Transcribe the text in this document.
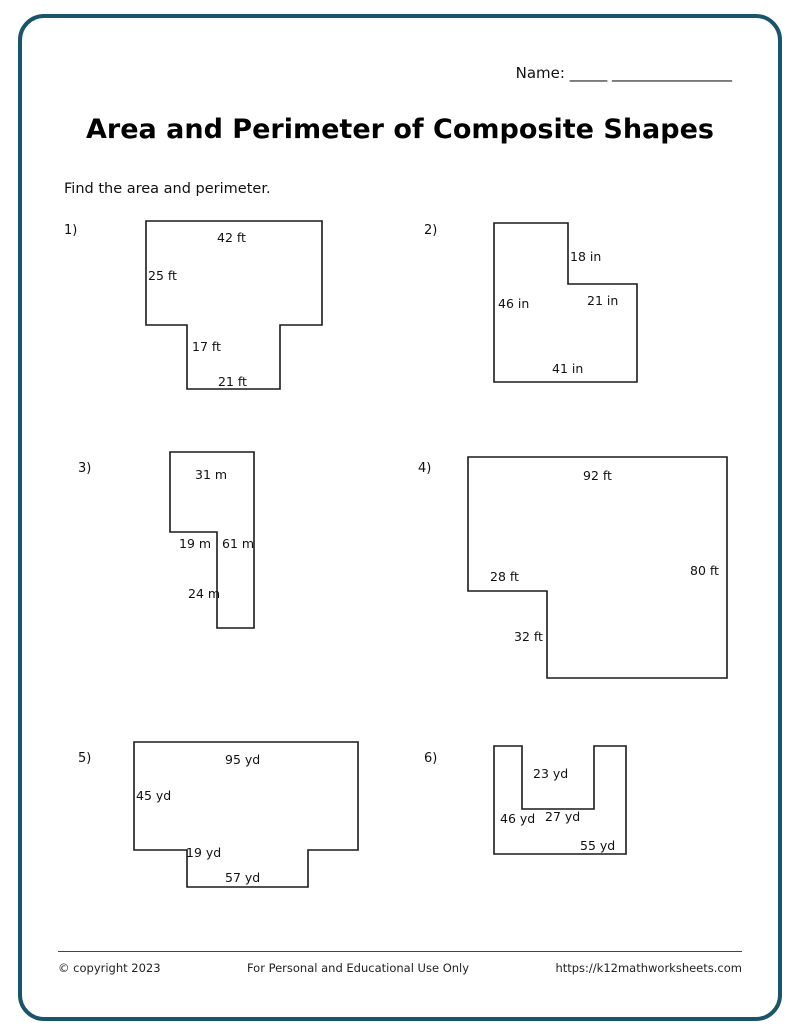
Name: _____ ________________
Area and Perimeter of Composite Shapes
Find the area and perimeter.
1)	42 ft
25 ft
17 ft
21 ft
2)
18 in
46 in	21 in
41 in
3)	31 m
19 m 61 m
24 m
4)	92 ft
28 ft	80 ft
32 ft
5)	95 yd
45 yd
19 yd
57 yd
6)
23 yd
46 yd 27 yd
55 yd
© copyright 2023	For Personal and Educational Use Only	https://k12mathworksheets.com
